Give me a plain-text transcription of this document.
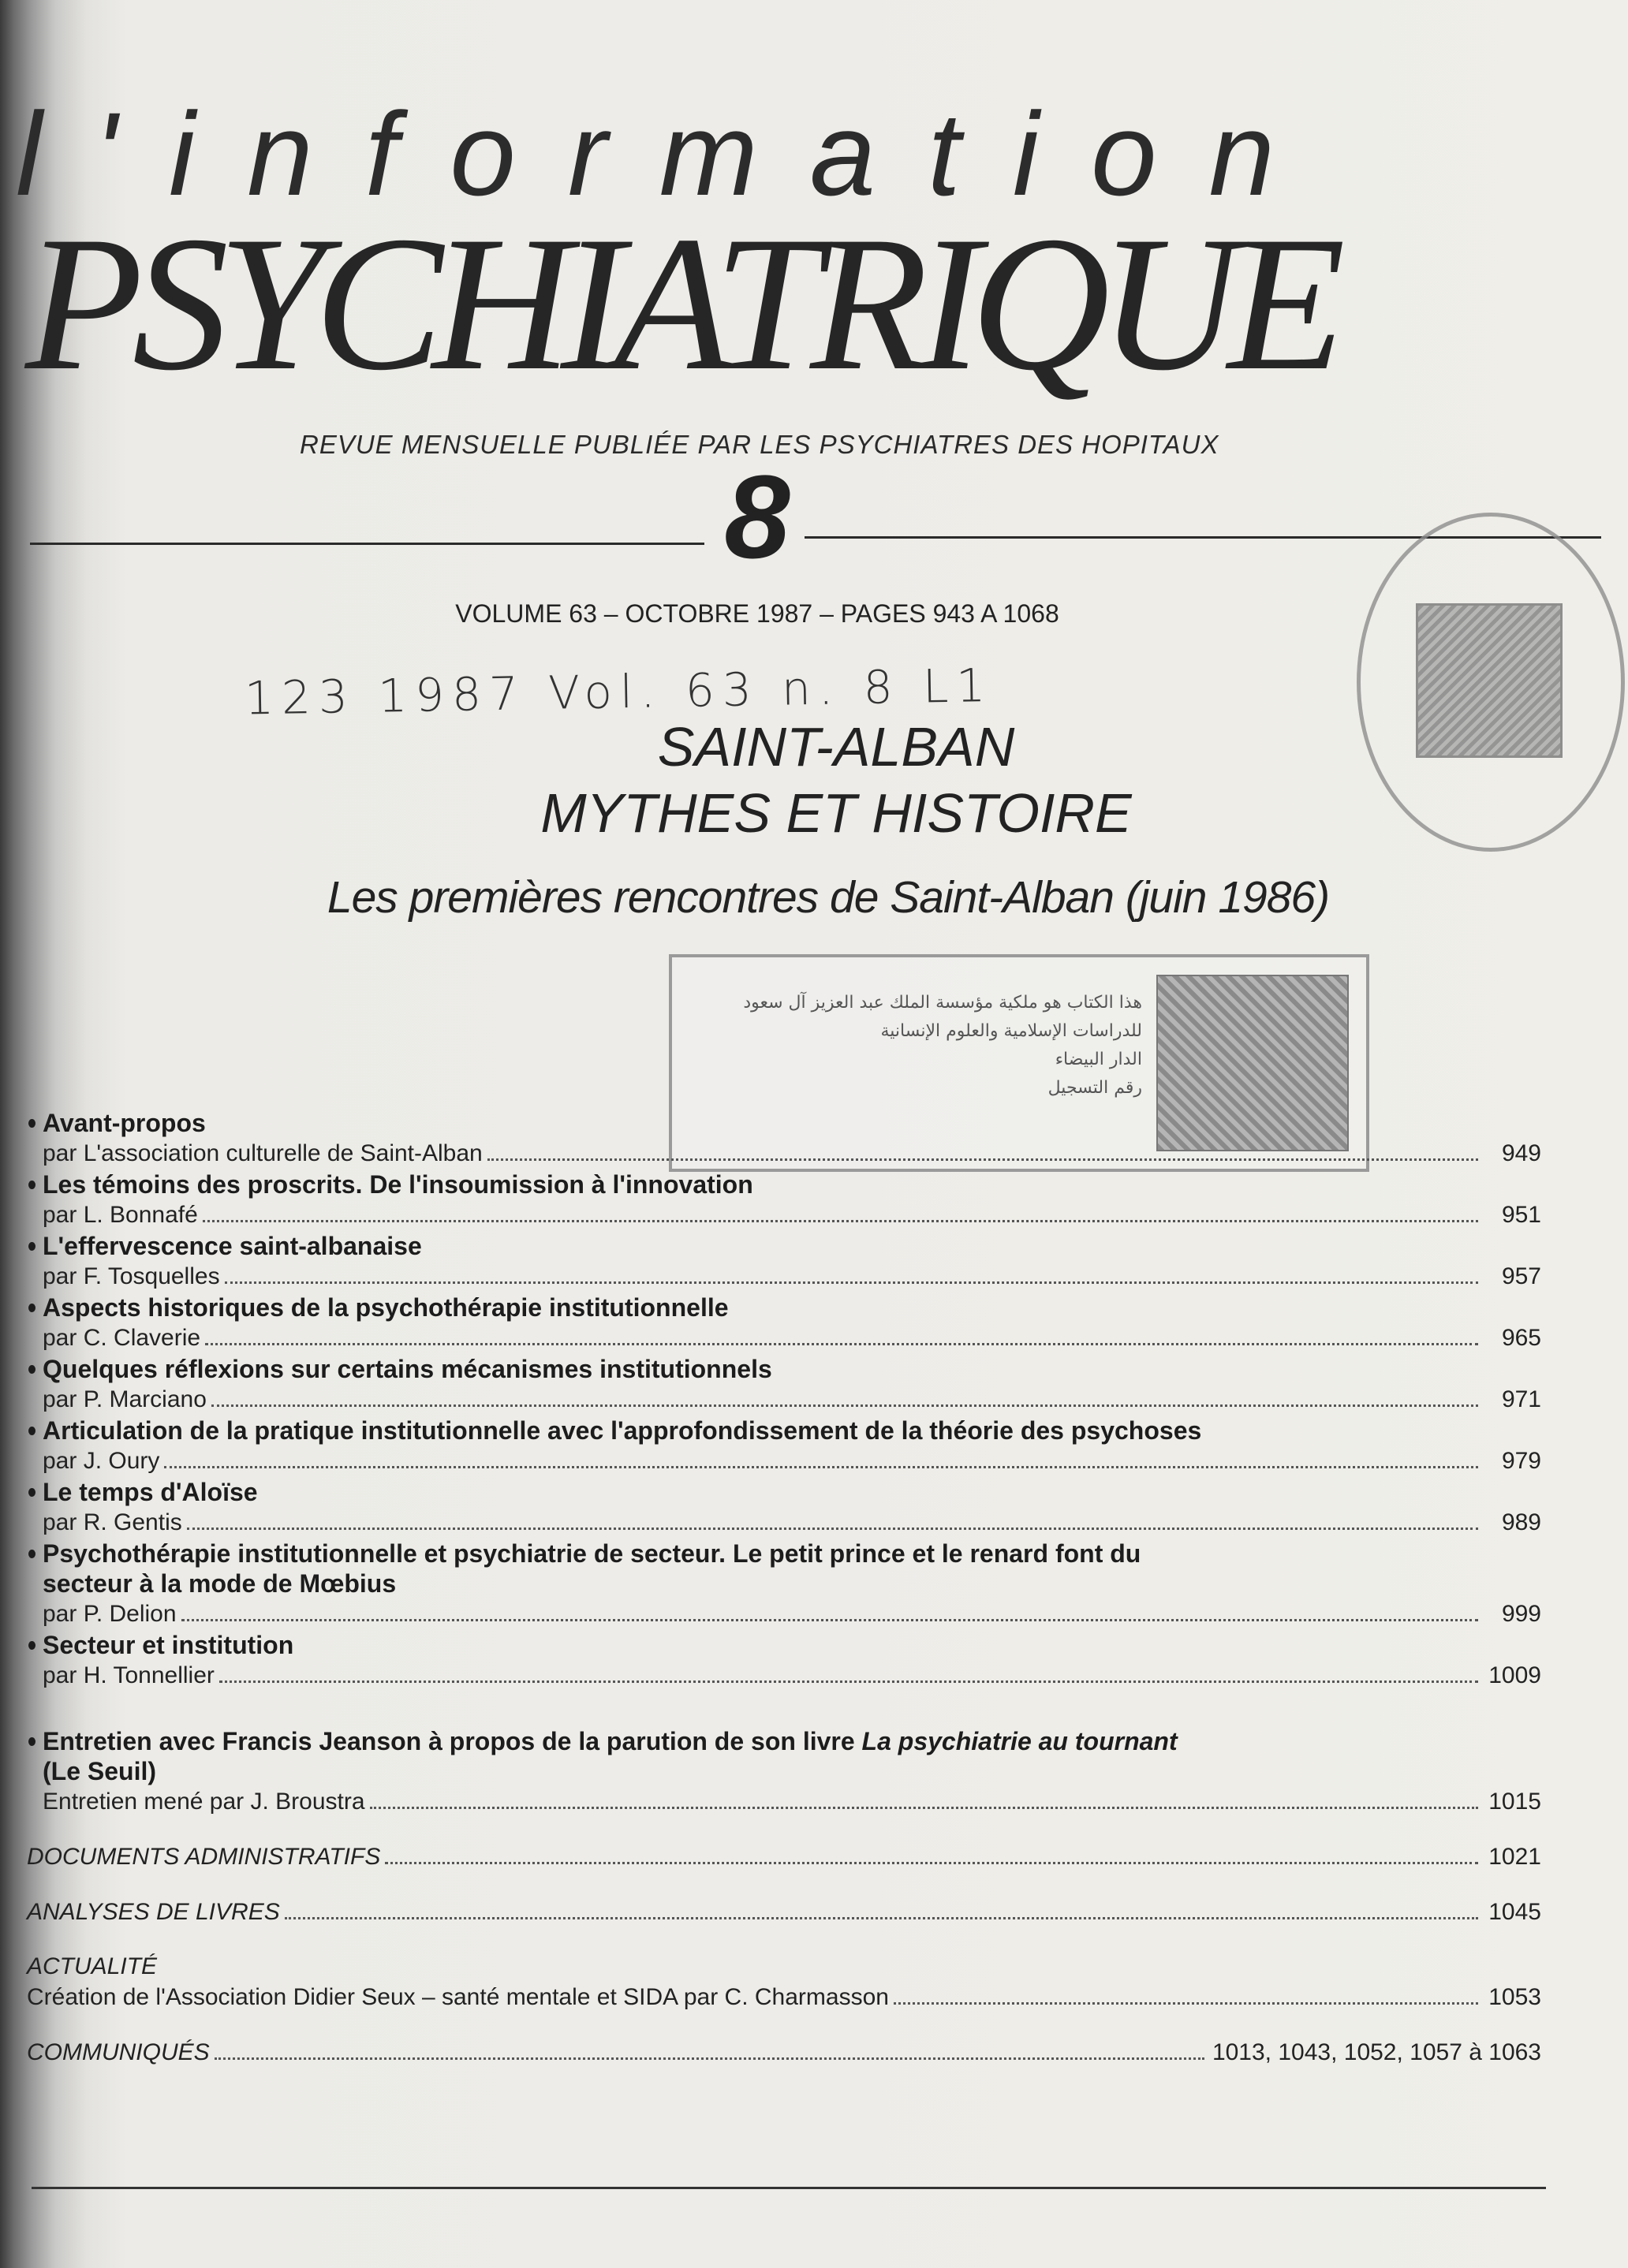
l'information
PSYCHIATRIQUE
REVUE MENSUELLE PUBLIÉE PAR LES PSYCHIATRES DES HOPITAUX
8
VOLUME 63 – OCTOBRE 1987 – PAGES 943 A 1068
123 1987 Vol. 63 n. 8 L1
SAINT-ALBAN
MYTHES ET HISTOIRE
Les premières rencontres de Saint-Alban (juin 1986)
هذا الكتاب هو ملكية مؤسسة الملك عبد العزيز آل سعود
للدراسات الإسلامية والعلوم الإنسانية
الدار البيضاء
رقم التسجيل
Avant-propos
par L'association culturelle de Saint-Alban	949
Les témoins des proscrits. De l'insoumission à l'innovation
par L. Bonnafé	951
L'effervescence saint-albanaise
par F. Tosquelles	957
Aspects historiques de la psychothérapie institutionnelle
par C. Claverie	965
Quelques réflexions sur certains mécanismes institutionnels
par P. Marciano	971
Articulation de la pratique institutionnelle avec l'approfondissement de la théorie des psychoses
par J. Oury	979
Le temps d'Aloïse
par R. Gentis	989
Psychothérapie institutionnelle et psychiatrie de secteur. Le petit prince et le renard font du
secteur à la mode de Mœbius
par P. Delion	999
Secteur et institution
par H. Tonnellier	1009
Entretien avec Francis Jeanson à propos de la parution de son livre La psychiatrie au tournant
(Le Seuil)
Entretien mené par J. Broustra	1015
DOCUMENTS ADMINISTRATIFS	1021
ANALYSES DE LIVRES	1045
ACTUALITÉ
Création de l'Association Didier Seux – santé mentale et SIDA par C. Charmasson	1053
COMMUNIQUÉS	1013, 1043, 1052, 1057 à 1063
